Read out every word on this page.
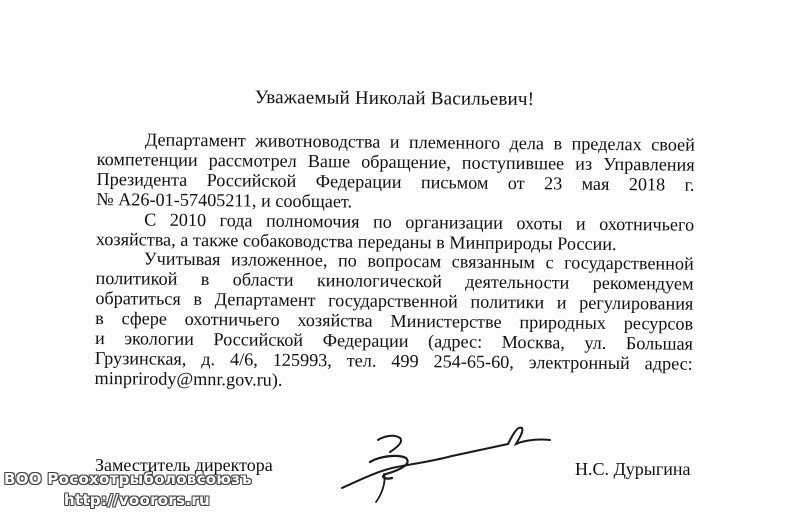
Уважаемый Николай Васильевич!
Департамент животноводства и племенного дела в пределах своей
компетенции рассмотрел Ваше обращение, поступившее из Управления
Президента Российской Федерации письмом от 23 мая 2018 г.
№ А26-01-57405211, и сообщает.
С 2010 года полномочия по организации охоты и охотничьего
хозяйства, а также собаководства переданы в Минприроды России.
Учитывая изложенное, по вопросам связанным с государственной
политикой в области кинологической деятельности рекомендуем
обратиться в Департамент государственной политики и регулирования
в сфере охотничьего хозяйства Министерстве природных ресурсов
и экологии Российской Федерации (адрес: Москва, ул. Большая
Грузинская, д. 4/6, 125993, тел. 499 254-65-60, электронный адрес:
minprirody@mnr.gov.ru).
Заместитель директора	Н.С. Дурыгина
ВОО Росохотрыболовсоюзъ
http://voorors.ru
